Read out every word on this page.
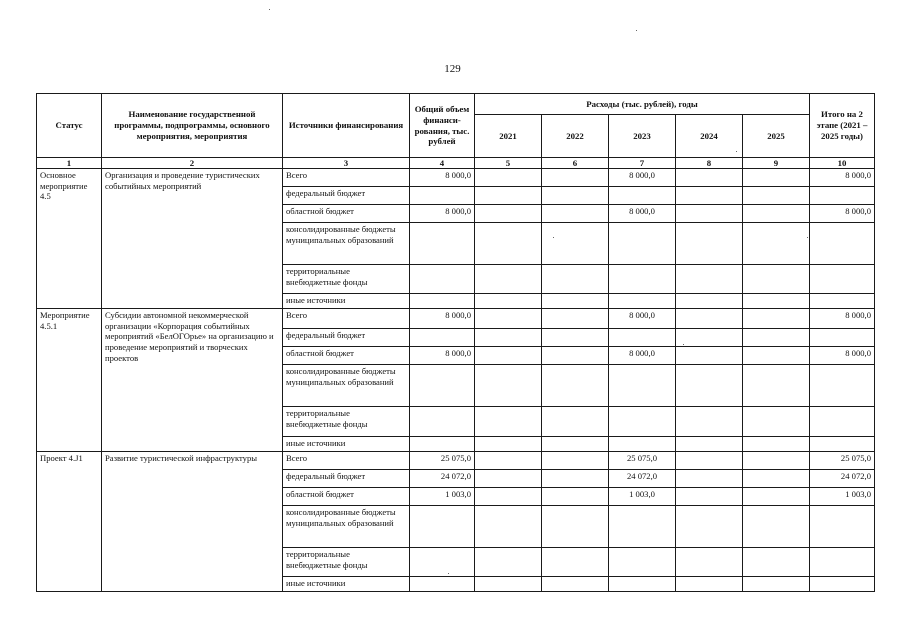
129
Статус	Наименование государственной программы, подпрограммы, основного мероприятия, мероприятия	Источники финансирования	Общий объем финанси-рования, тыс. рублей	Расходы (тыс. рублей), годы					Итого на 2 этапе (2021 – 2025 годы)
				2021	2022	2023	2024	2025	
1	2	3	4	5	6	7	8	9	10
Основное мероприятие 4.5	Организация и проведение туристических событийных мероприятий	Всего	8 000,0			8 000,0			8 000,0
		федеральный бюджет							
		областной бюджет	8 000,0			8 000,0			8 000,0
		консолидированные бюджеты муниципальных образований							
		территориальные внебюджетные фонды							
		иные источники							
Мероприятие 4.5.1	Субсидии автономной некоммерческой организации «Корпорация событийных мероприятий «БелОГОрье» на организацию и проведение мероприятий и творческих проектов	Всего	8 000,0			8 000,0			8 000,0
		федеральный бюджет							
		областной бюджет	8 000,0			8 000,0			8 000,0
		консолидированные бюджеты муниципальных образований							
		территориальные внебюджетные фонды							
		иные источники							
Проект 4.J1	Развитие туристической инфраструктуры	Всего	25 075,0			25 075,0			25 075,0
		федеральный бюджет	24 072,0			24 072,0			24 072,0
		областной бюджет	1 003,0			1 003,0			1 003,0
		консолидированные бюджеты муниципальных образований							
		территориальные внебюджетные фонды							
		иные источники							
